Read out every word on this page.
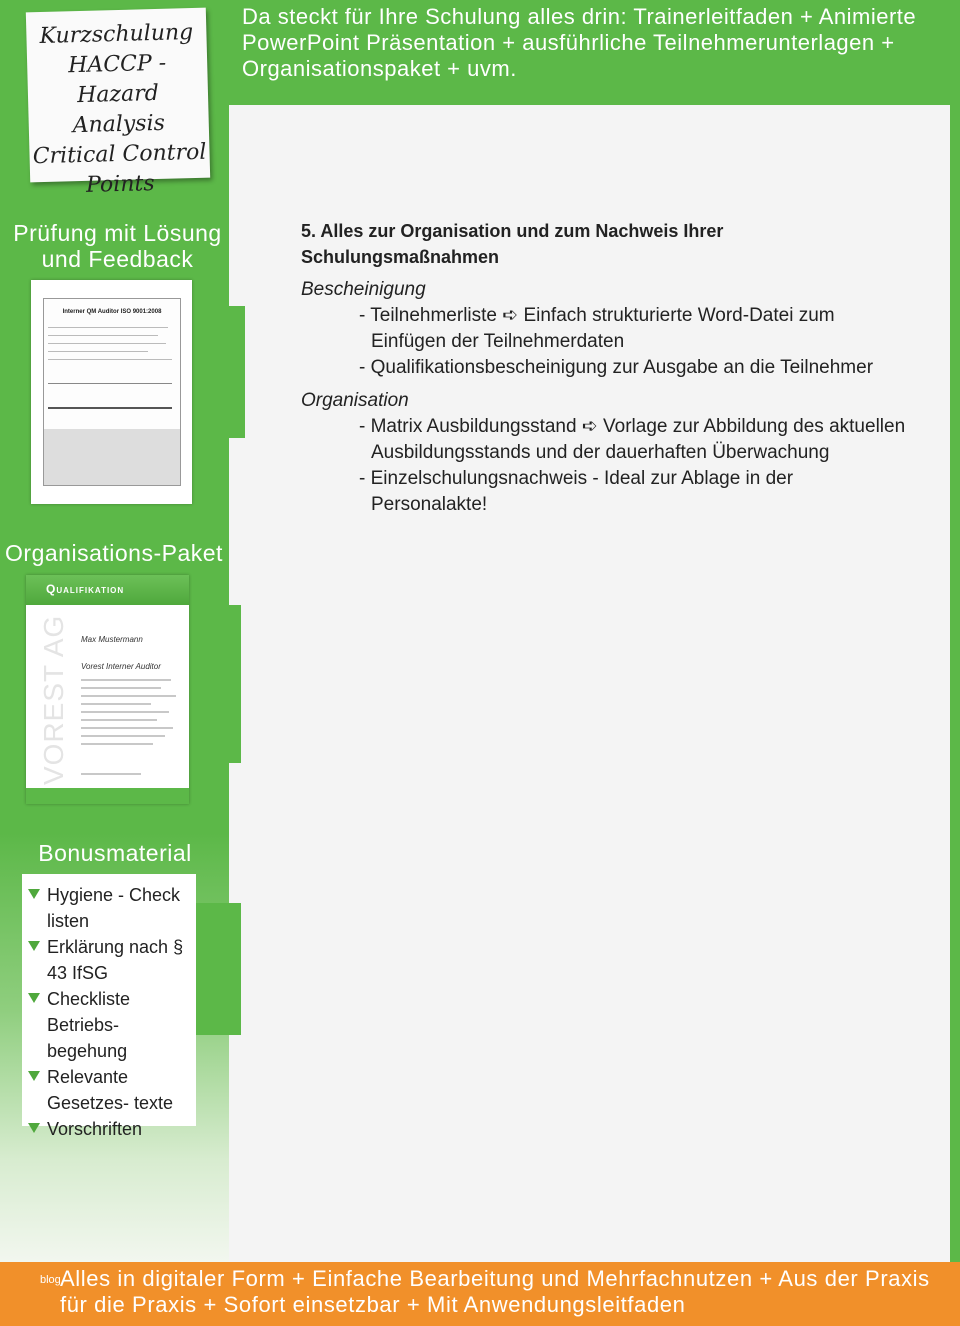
Da steckt für Ihre Schulung alles drin: Trainerleitfaden + Animierte PowerPoint Präsentation + ausführliche Teilnehmerunterlagen + Organisationspaket + uvm.
Kurzschulung
HACCP -
Hazard Analysis
Critical Control
Points
Prüfung mit Lösung und Feedback
Interner QM Auditor ISO 9001:2008
Organisations-Paket
Qualifikation
VOREST AG Max Mustermann
Vorest Interner Auditor
Bonusmaterial
Hygiene - Check listen
Erklärung nach § 43 IfSG
Checkliste Betriebs- begehung
Relevante Gesetzes- texte
Vorschriften
5. Alles zur Organisation und zum Nachweis Ihrer Schulungsmaßnahmen
Bescheinigung
- Teilnehmerliste ➪ Einfach strukturierte Word-Datei zum Einfügen der Teilnehmerdaten
- Qualifikationsbescheinigung zur Ausgabe an die Teilnehmer
Organisation
- Matrix Ausbildungsstand ➪ Vorlage zur Abbildung des aktuellen Ausbildungsstands und der dauerhaften Überwachung
- Einzelschulungsnachweis - Ideal zur Ablage in der Personalakte!
blog Alles in digitaler Form + Einfache Bearbeitung und Mehrfachnutzen + Aus der Praxis für die Praxis + Sofort einsetzbar + Mit Anwendungsleitfaden
